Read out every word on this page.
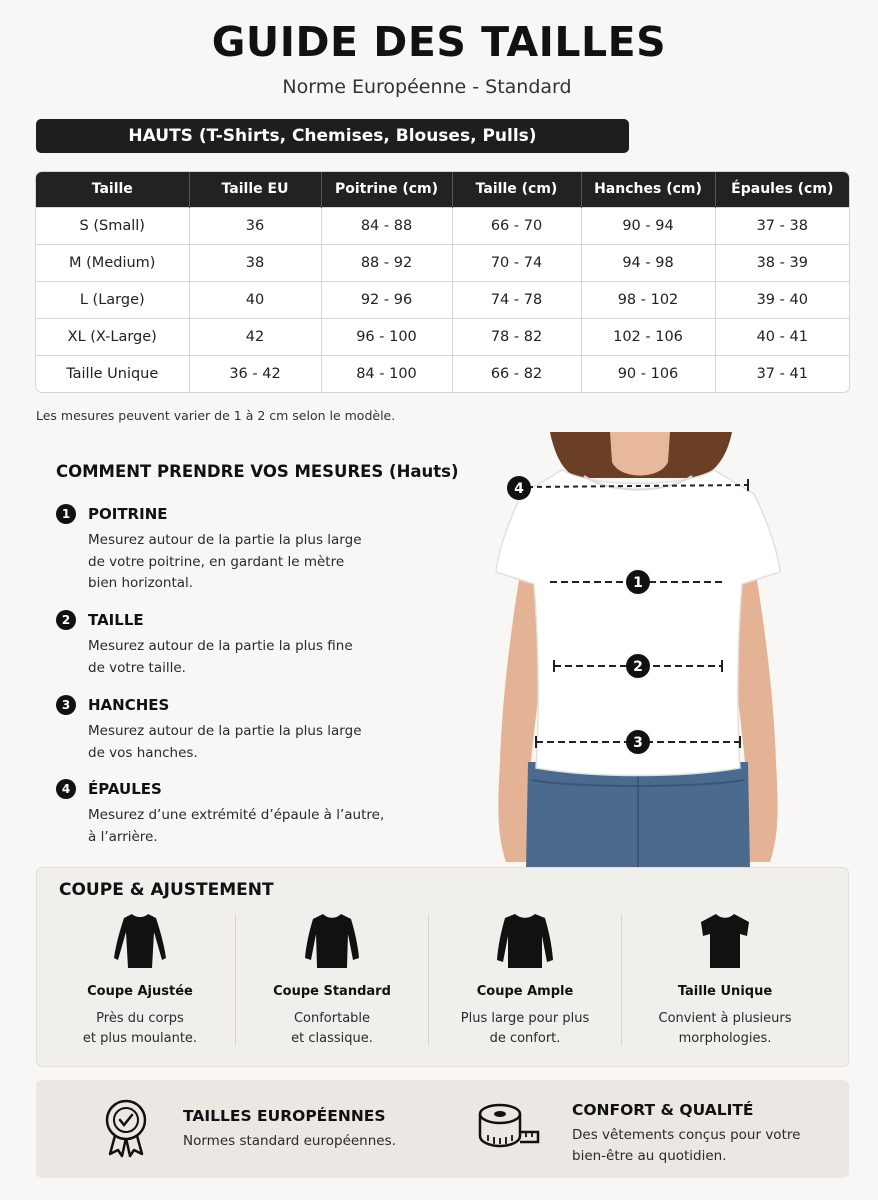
GUIDE DES TAILLES
Norme Européenne - Standard
HAUTS (T-Shirts, Chemises, Blouses, Pulls)
Taille	Taille EU	Poitrine (cm)	Taille (cm)	Hanches (cm)	Épaules (cm)
S (Small)	36	84 - 88	66 - 70	90 - 94	37 - 38
M (Medium)	38	88 - 92	70 - 74	94 - 98	38 - 39
L (Large)	40	92 - 96	74 - 78	98 - 102	39 - 40
XL (X-Large)	42	96 - 100	78 - 82	102 - 106	40 - 41
Taille Unique	36 - 42	84 - 100	66 - 82	90 - 106	37 - 41
Les mesures peuvent varier de 1 à 2 cm selon le modèle.
COMMENT PRENDRE VOS MESURES (Hauts)
1	POITRINE
Mesurez autour de la partie la plus large
de votre poitrine, en gardant le mètre
bien horizontal.
2	TAILLE
Mesurez autour de la partie la plus fine
de votre taille.
3	HANCHES
Mesurez autour de la partie la plus large
de vos hanches.
4	ÉPAULES
Mesurez d’une extrémité d’épaule à l’autre,
à l’arrière.
4
1
2
3
COUPE & AJUSTEMENT
Coupe Ajustée
Près du corps
et plus moulante.
Coupe Standard
Confortable
et classique.
Coupe Ample
Plus large pour plus
de confort.
Taille Unique
Convient à plusieurs
morphologies.
TAILLES EUROPÉENNES
Normes standard européennes.
CONFORT & QUALITÉ
Des vêtements conçus pour votre
bien-être au quotidien.
